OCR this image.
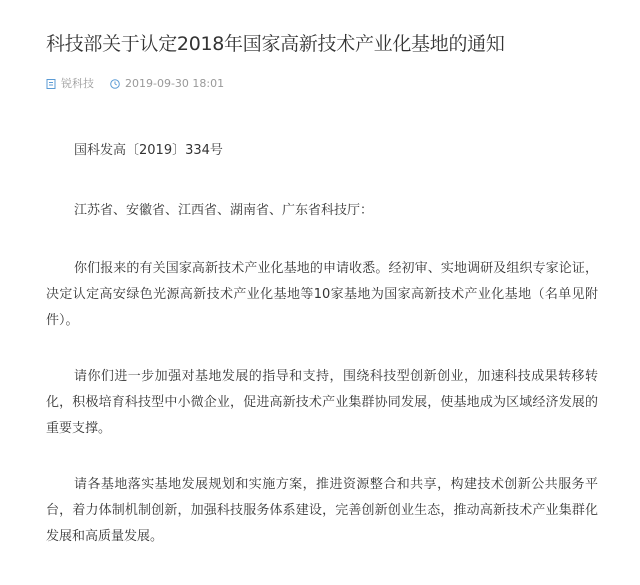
科技部关于认定2018年国家高新技术产业化基地的通知
锐科技	2019-09-30 18:01

国科发高〔2019〕334号

江苏省、安徽省、江西省、湖南省、广东省科技厅：

你们报来的有关国家高新技术产业化基地的申请收悉。经初审、实地调研及组织专家论证，决定认定高安绿色光源高新技术产业化基地等10家基地为国家高新技术产业化基地（名单见附件）。

请你们进一步加强对基地发展的指导和支持，围绕科技型创新创业，加速科技成果转移转化，积极培育科技型中小微企业，促进高新技术产业集群协同发展，使基地成为区域经济发展的重要支撑。

请各基地落实基地发展规划和实施方案，推进资源整合和共享，构建技术创新公共服务平台，着力体制机制创新，加强科技服务体系建设，完善创新创业生态，推动高新技术产业集群化发展和高质量发展。
